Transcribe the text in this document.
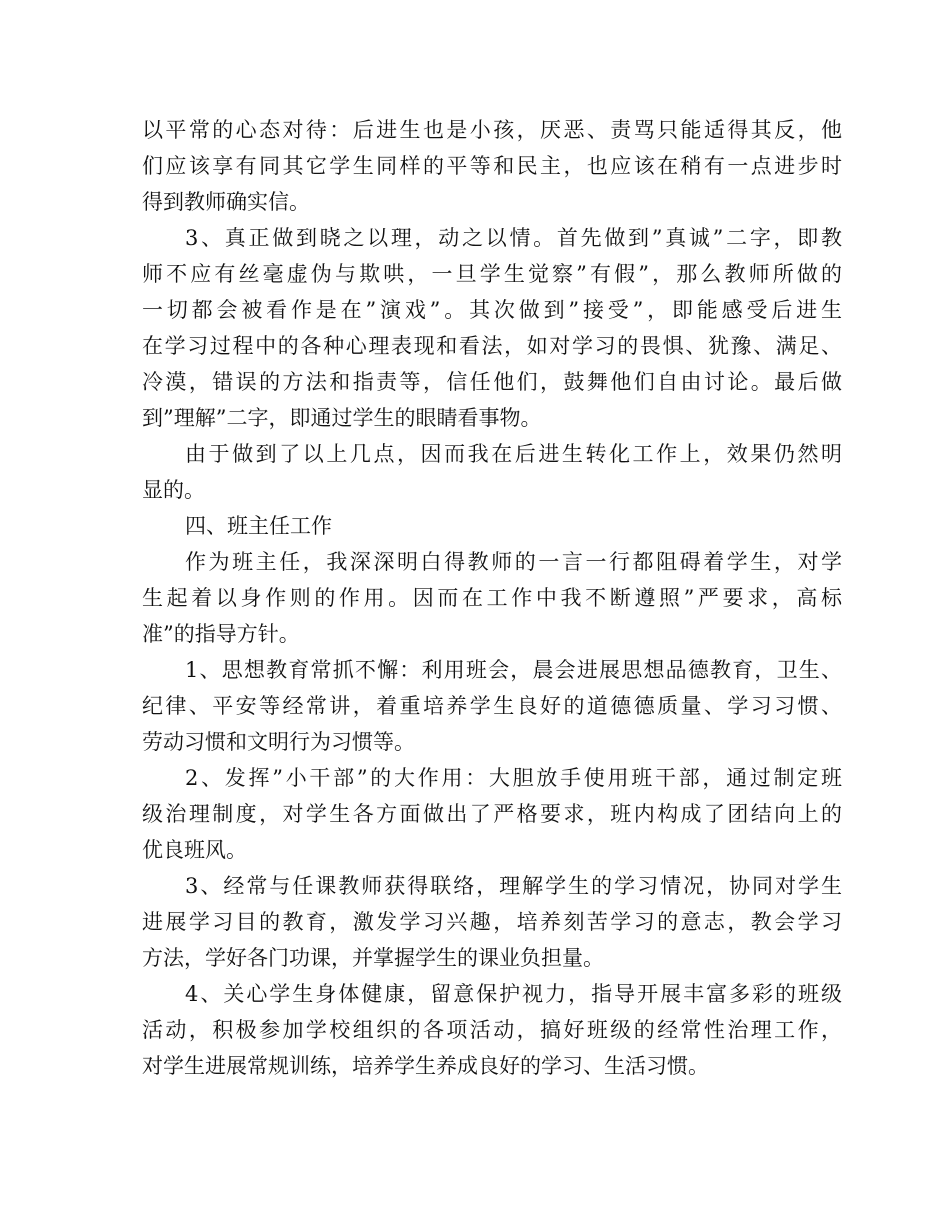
以平常的心态对待：后进生也是小孩，厌恶、责骂只能适得其反，他
们应该享有同其它学生同样的平等和民主，也应该在稍有一点进步时
得到教师确实信。
3、真正做到晓之以理，动之以情。首先做到”真诚”二字，即教
师不应有丝毫虚伪与欺哄，一旦学生觉察”有假”，那么教师所做的
一切都会被看作是在”演戏”。其次做到”接受”，即能感受后进生
在学习过程中的各种心理表现和看法，如对学习的畏惧、犹豫、满足、
冷漠，错误的方法和指责等，信任他们，鼓舞他们自由讨论。最后做
到”理解”二字，即通过学生的眼睛看事物。
由于做到了以上几点，因而我在后进生转化工作上，效果仍然明
显的。
四、班主任工作
作为班主任，我深深明白得教师的一言一行都阻碍着学生，对学
生起着以身作则的作用。因而在工作中我不断遵照”严要求，高标
准”的指导方针。
1、思想教育常抓不懈：利用班会，晨会进展思想品德教育，卫生、
纪律、平安等经常讲，着重培养学生良好的道德德质量、学习习惯、
劳动习惯和文明行为习惯等。
2、发挥”小干部”的大作用：大胆放手使用班干部，通过制定班
级治理制度，对学生各方面做出了严格要求，班内构成了团结向上的
优良班风。
3、经常与任课教师获得联络，理解学生的学习情况，协同对学生
进展学习目的教育，激发学习兴趣，培养刻苦学习的意志，教会学习
方法，学好各门功课，并掌握学生的课业负担量。
4、关心学生身体健康，留意保护视力，指导开展丰富多彩的班级
活动，积极参加学校组织的各项活动，搞好班级的经常性治理工作，
对学生进展常规训练，培养学生养成良好的学习、生活习惯。
